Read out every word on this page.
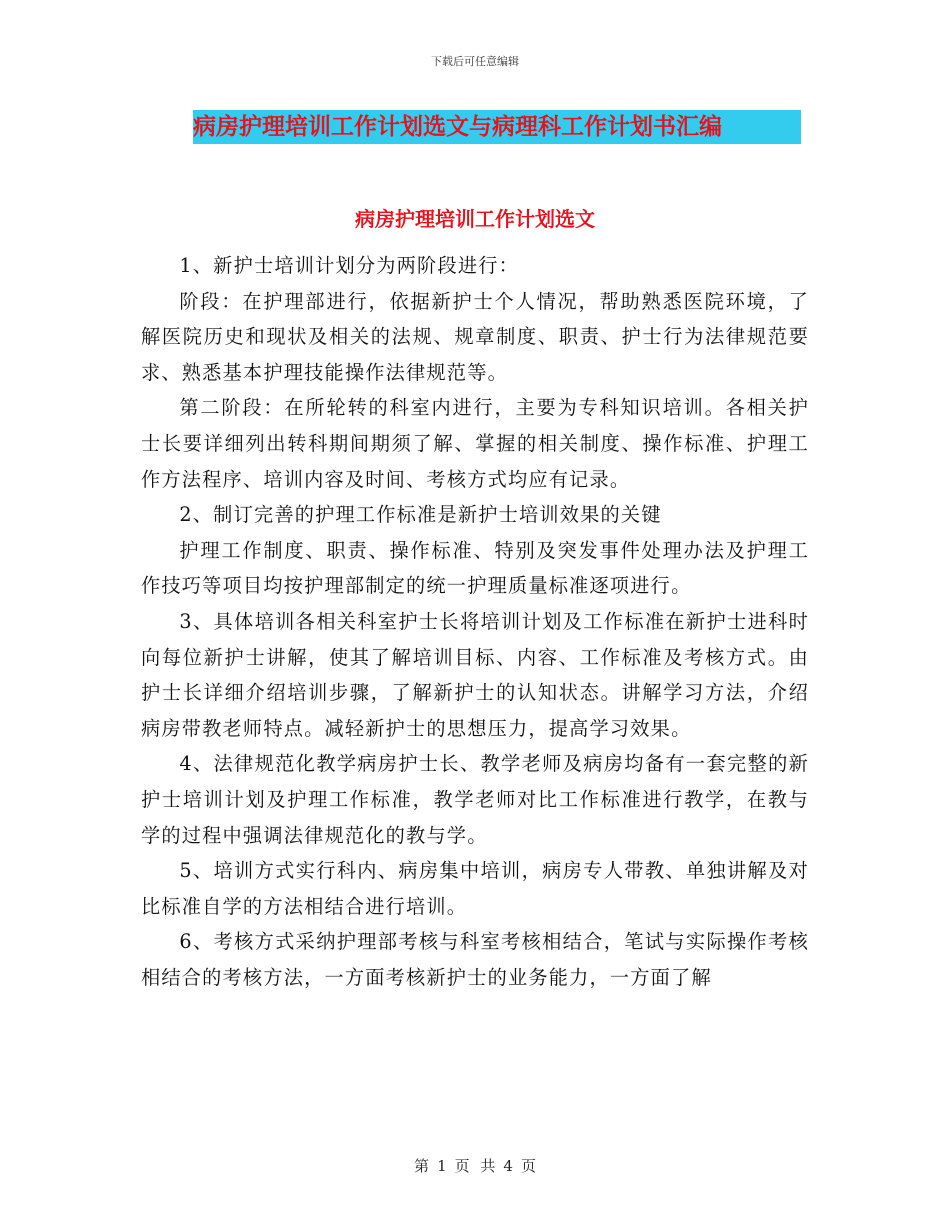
下载后可任意编辑
病房护理培训工作计划选文与病理科工作计划书汇编
病房护理培训工作计划选文

1、新护士培训计划分为两阶段进行：

阶段：在护理部进行，依据新护士个人情况，帮助熟悉医院环境，了解医院历史和现状及相关的法规、规章制度、职责、护士行为法律规范要求、熟悉基本护理技能操作法律规范等。

第二阶段：在所轮转的科室内进行，主要为专科知识培训。各相关护士长要详细列出转科期间期须了解、掌握的相关制度、操作标准、护理工作方法程序、培训内容及时间、考核方式均应有记录。

2、制订完善的护理工作标准是新护士培训效果的关键

护理工作制度、职责、操作标准、特别及突发事件处理办法及护理工作技巧等项目均按护理部制定的统一护理质量标准逐项进行。

3、具体培训各相关科室护士长将培训计划及工作标准在新护士进科时向每位新护士讲解，使其了解培训目标、内容、工作标准及考核方式。由护士长详细介绍培训步骤，了解新护士的认知状态。讲解学习方法，介绍病房带教老师特点。减轻新护士的思想压力，提高学习效果。

4、法律规范化教学病房护士长、教学老师及病房均备有一套完整的新护士培训计划及护理工作标准，教学老师对比工作标准进行教学，在教与学的过程中强调法律规范化的教与学。

5、培训方式实行科内、病房集中培训，病房专人带教、单独讲解及对比标准自学的方法相结合进行培训。

6、考核方式采纳护理部考核与科室考核相结合，笔试与实际操作考核相结合的考核方法，一方面考核新护士的业务能力，一方面了解

第 1 页 共 4 页
